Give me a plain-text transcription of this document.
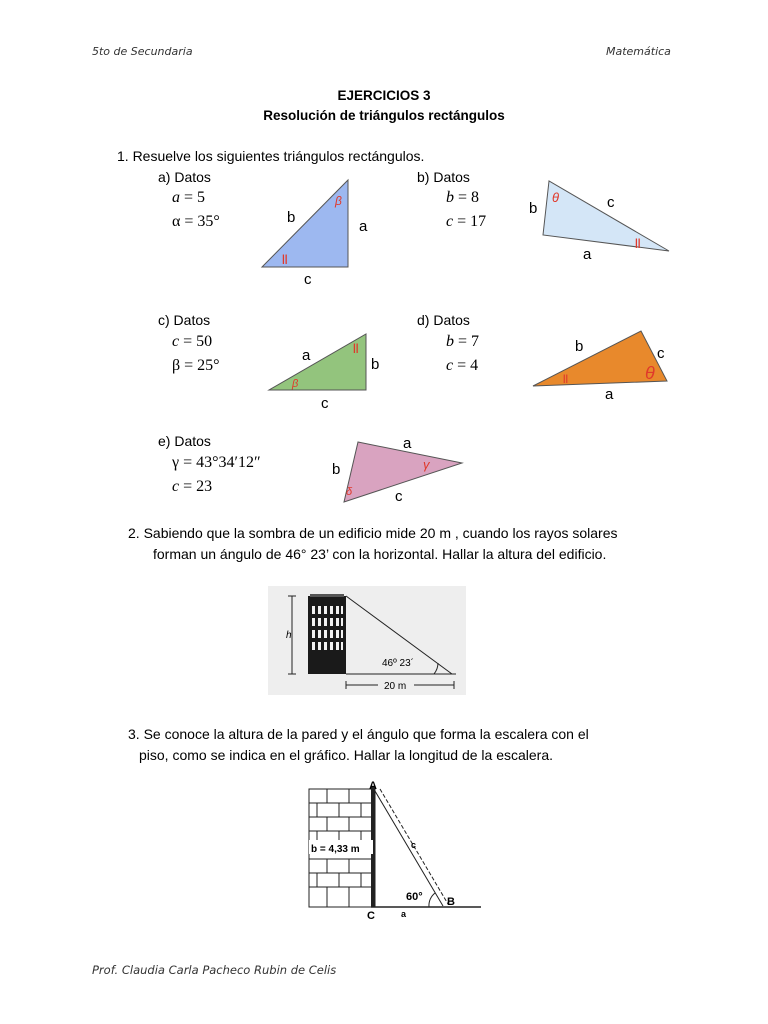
5to de Secundaria	Matemática
EJERCICIOS 3
Resolución de triángulos rectángulos
1. Resuelve los siguientes triángulos rectángulos.
a) Datos
a = 5
α = 35°	b
a
c
β
||
b) Datos
b = 8
c = 17
b	c
a
θ
||
c) Datos
c = 50
β = 25°
a
b
c
β
||
d) Datos
b = 7
c = 4
b	c
a
θ
||
e) Datos
γ = 43°34′12″
c = 23
a
b
c
γ
δ
2. Sabiendo que la sombra de un edificio mide 20 m , cuando los rayos solares
forman un ángulo de 46° 23’ con la horizontal. Hallar la altura del edificio.
46º 23´
h
20 m
3. Se conoce la altura de la pared y el ángulo que forma la escalera con el
piso, como se indica en el gráfico. Hallar la longitud de la escalera.
b = 4,33 m
A
B
C
c
a
60°
Prof. Claudia Carla Pacheco Rubin de Celis
